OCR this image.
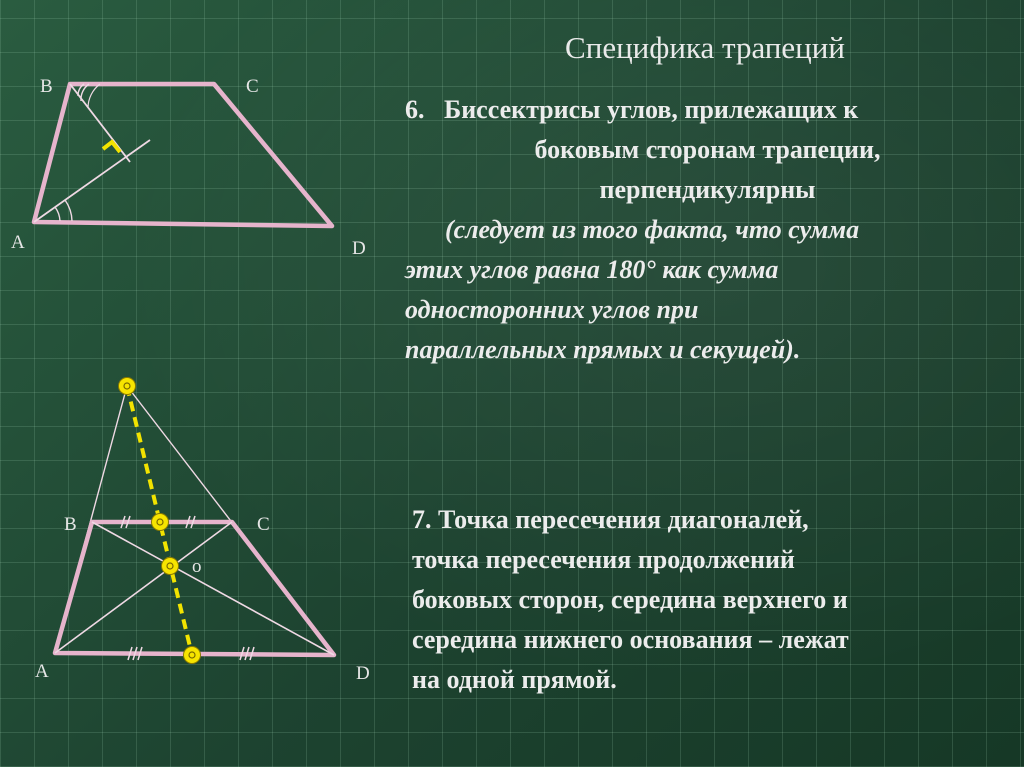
B	C
A	D
B	C
o
A	D
Специфика трапеций
6. Биссектрисы углов, прилежащих к
боковым сторонам трапеции,
перпендикулярны
(следует из того факта, что сумма
этих углов равна 180° как сумма
односторонних углов при
параллельных прямых и секущей).
7. Точка пересечения диагоналей,
точка пересечения продолжений
боковых сторон, середина верхнего и
середина нижнего основания – лежат
на одной прямой.
